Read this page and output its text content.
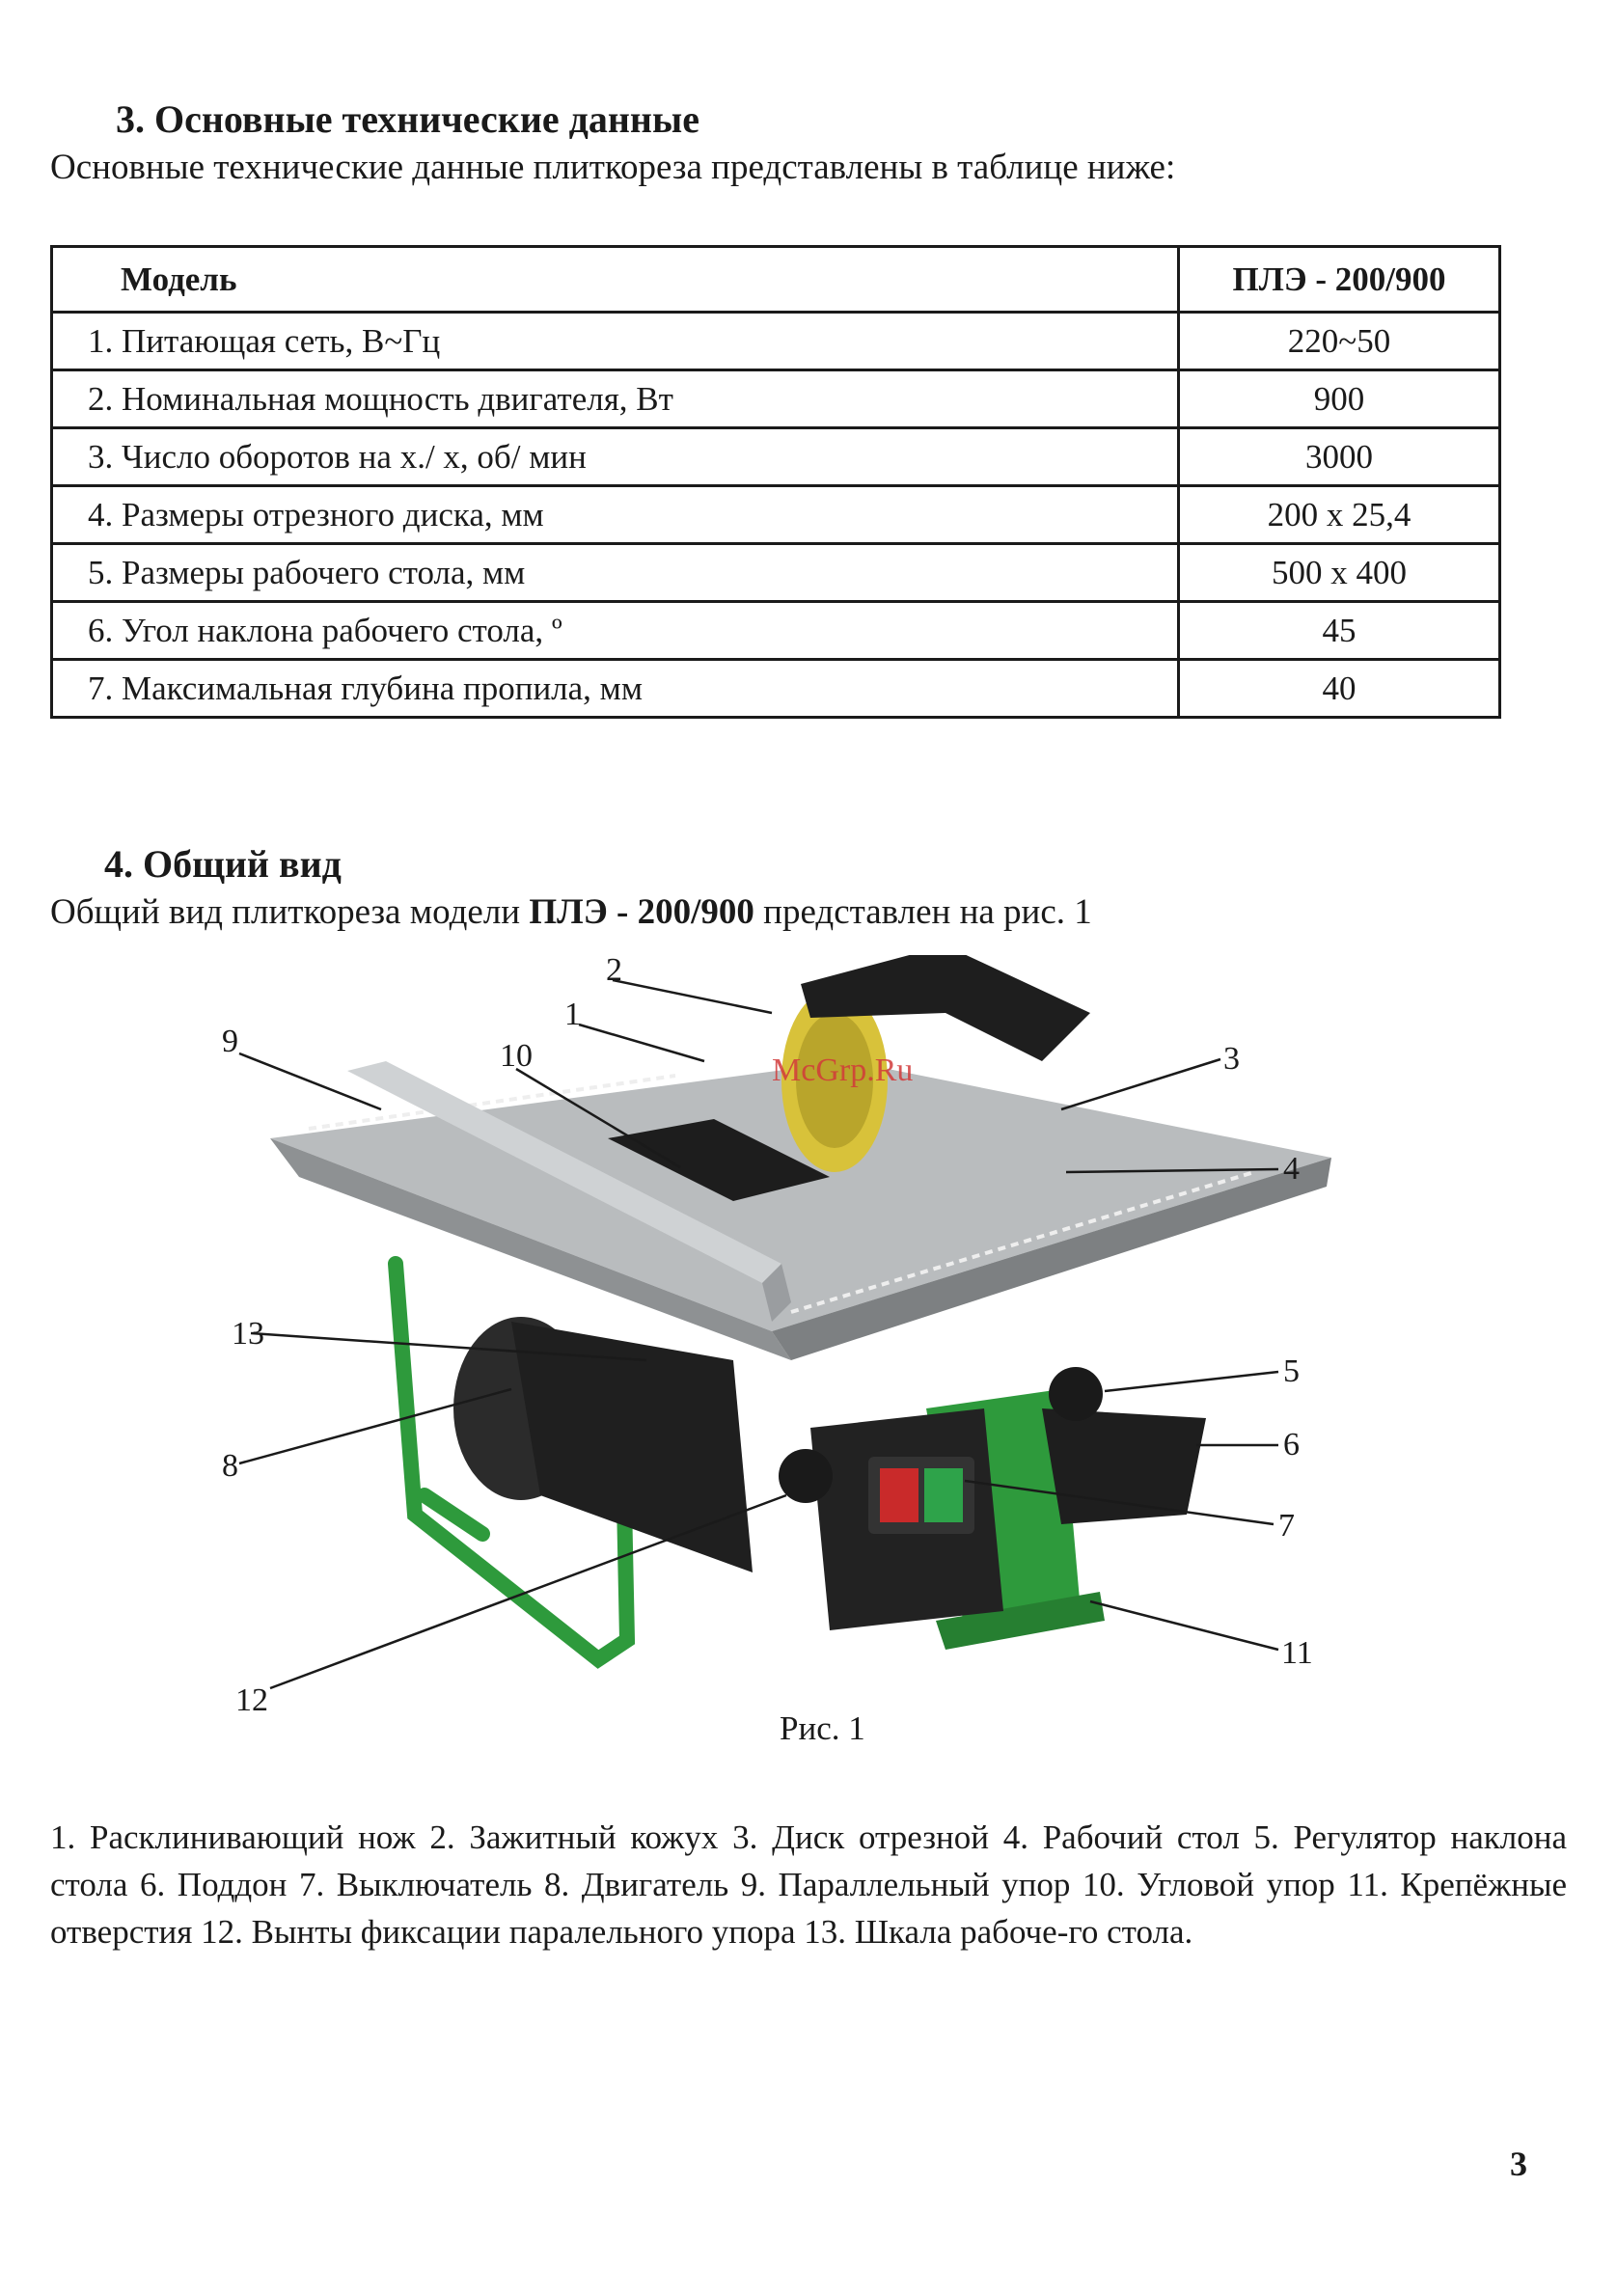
3. Основные технические данные
Основные технические данные плиткореза представлены в таблице ниже:
Модель	ПЛЭ - 200/900
1. Питающая сеть, В~Гц	220~50
2. Номинальная мощность двигателя, Вт	900
3. Число оборотов на х./ х, об/ мин	3000
4. Размеры отрезного диска, мм	200 х 25,4
5. Размеры рабочего стола, мм	500 х 400
6. Угол наклона рабочего стола, º	45
7. Максимальная глубина пропила, мм	40
4. Общий вид
Общий вид плиткореза модели ПЛЭ - 200/900 представлен на рис. 1
McGrp.Ru
1
2
3
4
5
6
7
8
9	10
11
12
13
Рис. 1
1. Расклинивающий нож 2. Зажитный кожух 3. Диск отрезной 4. Рабочий стол 5. Регулятор наклона стола 6. Поддон 7. Выключатель 8. Двигатель 9. Параллельный упор 10. Угловой упор 11. Крепёжные отверстия 12. Вынты фиксации паралельного упора 13. Шкала рабоче-го стола.
3
